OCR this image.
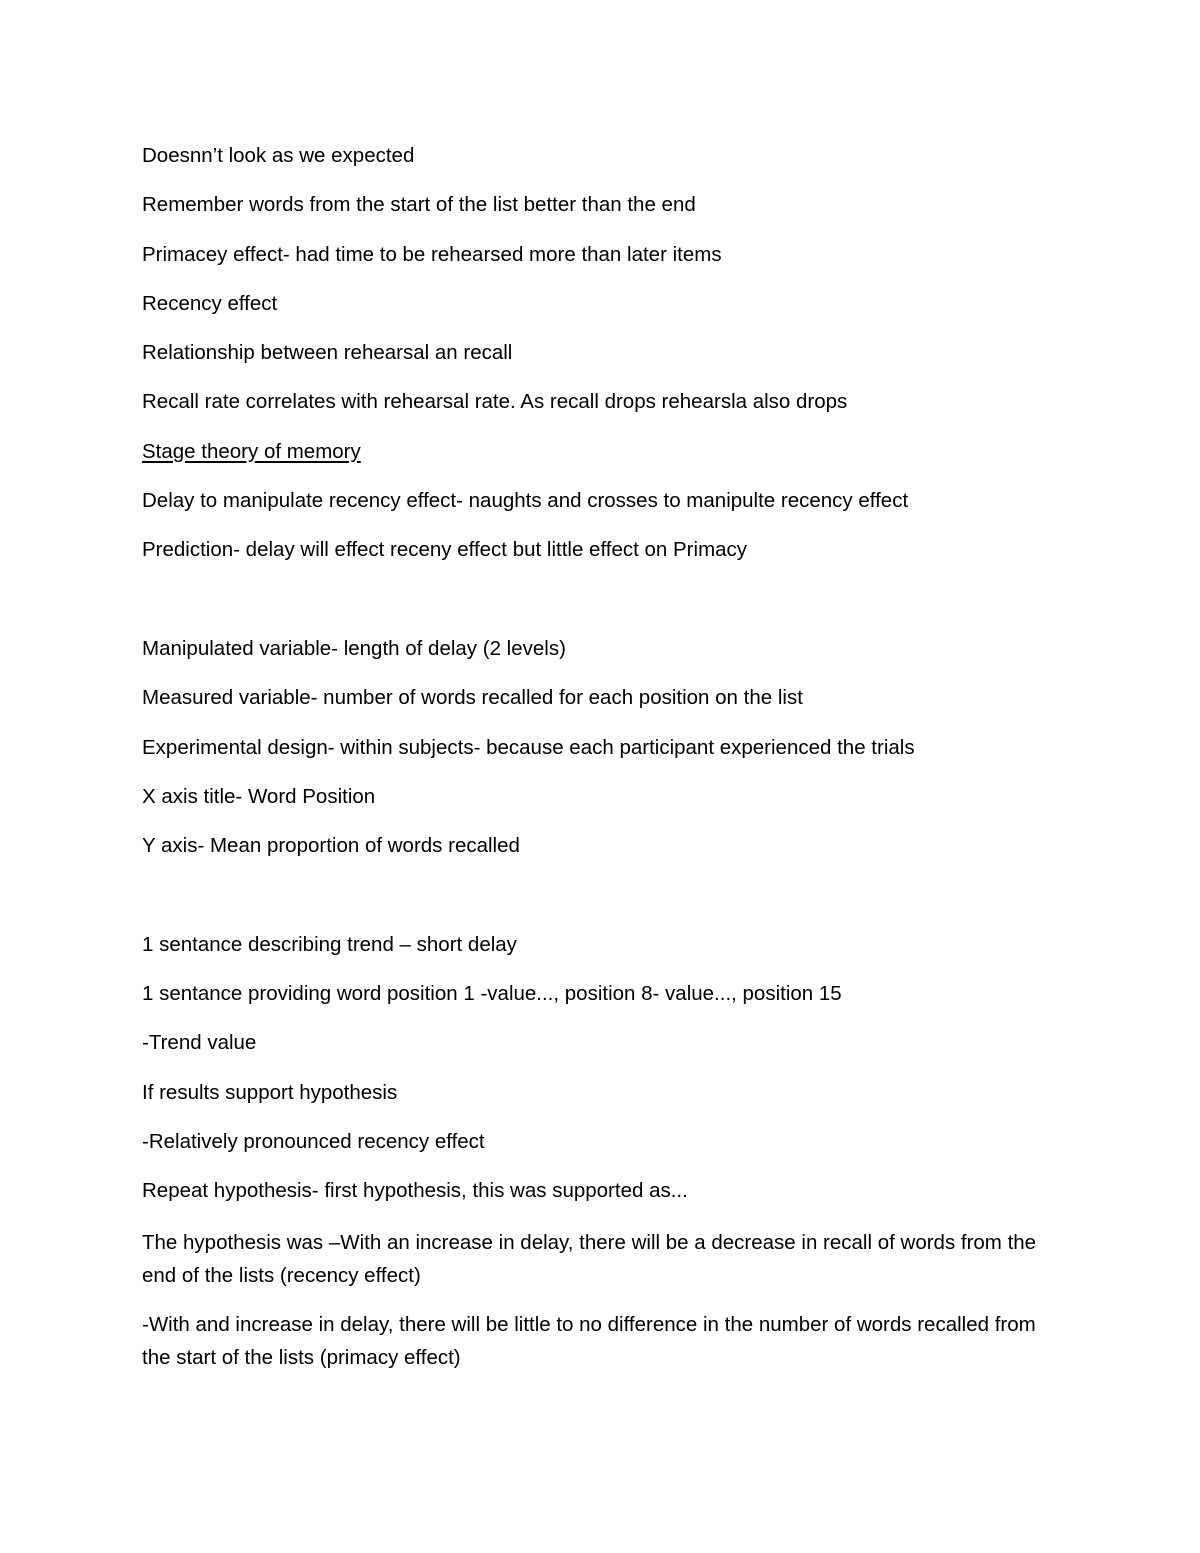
Doesnn’t look as we expected
Remember words from the start of the list better than the end
Primacey effect- had time to be rehearsed more than later items
Recency effect
Relationship between rehearsal an recall
Recall rate correlates with rehearsal rate. As recall drops rehearsla also drops
Stage theory of memory
Delay to manipulate recency effect- naughts and crosses to manipulte recency effect
Prediction- delay will effect receny effect but little effect on Primacy
Manipulated variable- length of delay (2 levels)
Measured variable- number of words recalled for each position on the list
Experimental design- within subjects- because each participant experienced the trials
X axis title- Word Position
Y axis- Mean proportion of words recalled
1 sentance describing trend – short delay
1 sentance providing word position 1 -value..., position 8- value..., position 15
-Trend value
If results support hypothesis
-Relatively pronounced recency effect
Repeat hypothesis- first hypothesis, this was supported as...
The hypothesis was –With an increase in delay, there will be a decrease in recall of words from the end of the lists (recency effect)
-With and increase in delay, there will be little to no difference in the number of words recalled from the start of the lists (primacy effect)
